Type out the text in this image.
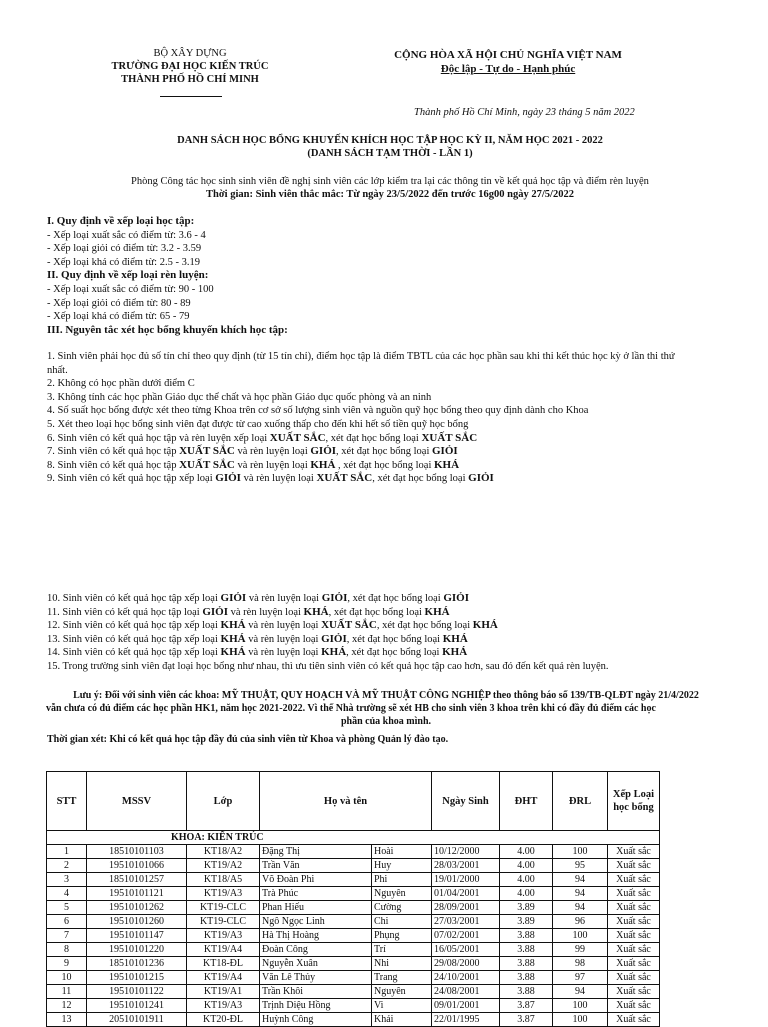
BỘ XÂY DỰNG
TRƯỜNG ĐẠI HỌC KIẾN TRÚC
THÀNH PHỐ HỒ CHÍ MINH
CỘNG HÒA XÃ HỘI CHỦ NGHĨA VIỆT NAM
Độc lập - Tự do - Hạnh phúc
Thành phố Hồ Chí Minh, ngày 23 tháng 5 năm 2022
DANH SÁCH HỌC BỔNG KHUYẾN KHÍCH HỌC TẬP HỌC KỲ II, NĂM HỌC 2021 - 2022
(DANH SÁCH TẠM THỜI - LẦN 1)
Phòng Công tác học sinh sinh viên đề nghị sinh viên các lớp kiểm tra lại các thông tin về kết quả học tập và điểm rèn luyện
Thời gian: Sinh viên thắc mắc: Từ ngày 23/5/2022 đến trước 16g00 ngày 27/5/2022
I. Quy định về xếp loại học tập:
- Xếp loại xuất sắc có điểm từ: 3.6 - 4
- Xếp loại giỏi có điểm từ: 3.2 - 3.59
- Xếp loại khá có điểm từ: 2.5 - 3.19
II. Quy định về xếp loại rèn luyện:
- Xếp loại xuất sắc có điểm từ: 90 - 100
- Xếp loại giỏi có điểm từ: 80 - 89
- Xếp loại khá có điểm từ: 65 - 79
III. Nguyên tắc xét học bổng khuyến khích học tập:
1. Sinh viên phải học đủ số tín chỉ theo quy định (từ 15 tín chỉ), điểm học tập là điểm TBTL của các học phần sau khi thi kết thúc học kỳ ở lần thi thứ
nhất.
2. Không có học phần dưới điểm C
3. Không tính các học phần Giáo dục thể chất và học phần Giáo dục quốc phòng và an ninh
4. Số suất học bổng được xét theo từng Khoa trên cơ sở số lượng sinh viên và nguồn quỹ học bổng theo quy định dành cho Khoa
5. Xét theo loại học bổng sinh viên đạt được từ cao xuống thấp cho đến khi hết số tiền quỹ học bổng
6. Sinh viên có kết quả học tập và rèn luyện xếp loại XUẤT SẮC, xét đạt học bổng loại XUẤT SẮC
7. Sinh viên có kết quả học tập XUẤT SẮC và rèn luyện loại GIỎI, xét đạt học bổng loại GIỎI
8. Sinh viên có kết quả học tập XUẤT SẮC và rèn luyện loại KHÁ , xét đạt học bổng loại KHÁ
9. Sinh viên có kết quả học tập xếp loại GIỎI và rèn luyện loại XUẤT SẮC, xét đạt học bổng loại GIỎI
10. Sinh viên có kết quả học tập xếp loại GIỎI và rèn luyện loại GIỎI, xét đạt học bổng loại GIỎI
11. Sinh viên có kết quả học tập loại GIỎI và rèn luyện loại KHÁ, xét đạt học bổng loại KHÁ
12. Sinh viên có kết quả học tập xếp loại KHÁ và rèn luyện loại XUẤT SẮC, xét đạt học bổng loại KHÁ
13. Sinh viên có kết quả học tập xếp loại KHÁ và rèn luyện loại GIỎI, xét đạt học bổng loại KHÁ
14. Sinh viên có kết quả học tập xếp loại KHÁ và rèn luyện loại KHÁ, xét đạt học bổng loại KHÁ
15. Trong trường sinh viên đạt loại học bổng như nhau, thì ưu tiên sinh viên có kết quả học tập cao hơn, sau đó đến kết quả rèn luyện.
Lưu ý: Đối với sinh viên các khoa: MỸ THUẬT, QUY HOẠCH VÀ MỸ THUẬT CÔNG NGHIỆP theo thông báo số 139/TB-QLĐT ngày 21/4/2022
vẫn chưa có đủ điểm các học phần HK1, năm học 2021-2022. Vì thế Nhà trường sẽ xét HB cho sinh viên 3 khoa trên khi có đầy đủ điểm các học
phần của khoa mình.
Thời gian xét: Khi có kết quả học tập đầy đủ của sinh viên từ Khoa và phòng Quản lý đào tạo.
STT	MSSV	Lớp	Họ và tên		Ngày Sinh	ĐHT	ĐRL	Xếp Loại học bổng
KHOA: KIẾN TRÚC								
1	18510101103	KT18/A2	Đặng Thị	Hoài	10/12/2000	4.00	100	Xuất sắc
2	19510101066	KT19/A2	Trần Văn	Huy	28/03/2001	4.00	95	Xuất sắc
3	18510101257	KT18/A5	Võ Đoàn Phi	Phi	19/01/2000	4.00	94	Xuất sắc
4	19510101121	KT19/A3	Trà Phúc	Nguyên	01/04/2001	4.00	94	Xuất sắc
5	19510101262	KT19-CLC	Phan Hiếu	Cường	28/09/2001	3.89	94	Xuất sắc
6	19510101260	KT19-CLC	Ngô Ngọc Linh	Chi	27/03/2001	3.89	96	Xuất sắc
7	19510101147	KT19/A3	Hà Thị Hoàng	Phụng	07/02/2001	3.88	100	Xuất sắc
8	19510101220	KT19/A4	Đoàn Công	Trí	16/05/2001	3.88	99	Xuất sắc
9	18510101236	KT18-ĐL	Nguyễn Xuân	Nhi	29/08/2000	3.88	98	Xuất sắc
10	19510101215	KT19/A4	Văn Lê Thủy	Trang	24/10/2001	3.88	97	Xuất sắc
11	19510101122	KT19/A1	Trần Khôi	Nguyên	24/08/2001	3.88	94	Xuất sắc
12	19510101241	KT19/A3	Trịnh Diệu Hồng	Vi	09/01/2001	3.87	100	Xuất sắc
13	20510101911	KT20-ĐL	Huỳnh Công	Khải	22/01/1995	3.87	100	Xuất sắc
